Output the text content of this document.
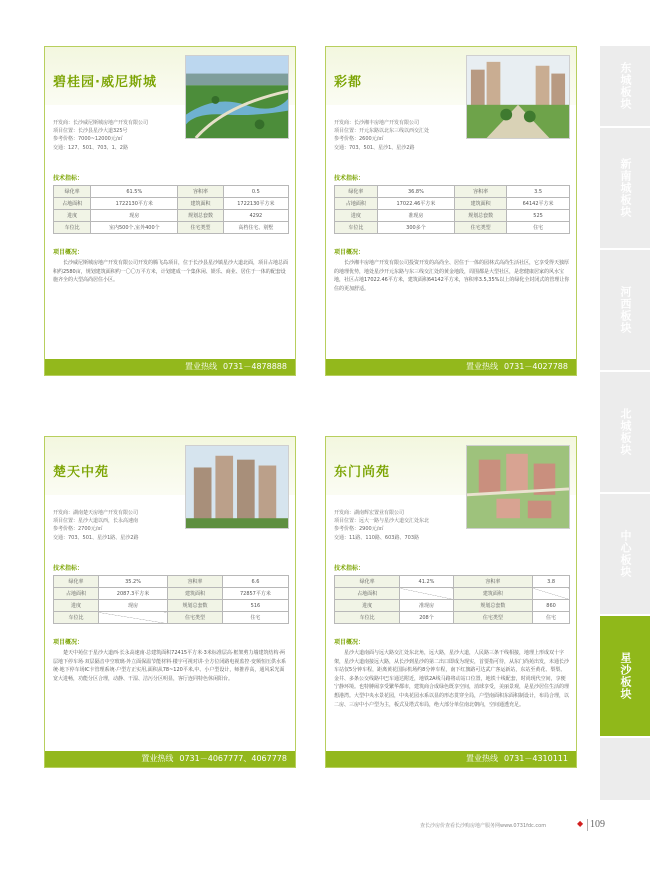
东城板块
新南城板块
河西板块
北城板块
中心板块
星沙板块
碧桂园·威尼斯城
开发商：长沙威尼斯城房地产开发有限公司
项目位置：长沙县星沙大道325号
参考价格：7000~12000元/㎡
交通：127、501、703、1、2路
技术指标：
绿化率	61.5%	容积率	0.5
占地面积	1722130平方米	建筑面积	1722130平方米
进度	现房	规划总套数	4292
车位比	室内500个,室外400个	住宅类型	高档住宅、别墅
项目概况：
长沙威尼斯城房地产开发有限公司开发的腾飞岛项目，位于长沙县星沙镇星沙大道北面，项目占地总面积约2580亩，规划建筑面积约一〇〇万平方米，计划建成一个集休闲、娱乐、商业、居住于一体的配套设施齐全的大型高尚居住小区。
置业热线 0731－4878888
彩都
开发商：长沙湘丰房地产开发有限公司
项目位置：开元东路以北东三线以西交汇处
参考价格：2600元/㎡
交通：703、501、星沙1、星沙2路
技术指标：
绿化率	36.8%	容积率	3.5
占地面积	17022.46平方米	建筑面积	64142平方米
进度	准现房	规划总套数	525
车位比	300多个	住宅类型	住宅
项目概况：
长沙湘丰房地产开发有限公司投资开发的高尚全、居住于一体的园林式高尚生活社区，它享受得天独厚的地理优势，地处星沙开元东路与东三线交汇处的黄金地段，周围都是大型社区，是您健康居家的风水宝地，社区占地17022.46平方米，建筑面积64142平方米，容积率3.5,35%以上的绿化全封闭式的管理让你住的更加舒适。
置业热线 0731－4027788
楚天中苑
开发商：湖南楚天房地产开发有限公司
项目位置：星沙大道以西，长永高速南
参考价格：2700元/㎡
交通：703、501、星沙1路、星沙2路
技术指标：
绿化率	35.2%	容积率	6.6
占地面积	2087.3平方米	建筑面积	72857平方米
进度	现房	规划总套数	516
车位比		住宅类型	住宅
项目概况：
楚天中苑位于星沙大道西·长永高速南·总建筑面积72415平方米·3米标准层高·框架剪力墙建筑结构·两层地下停车场·双层隔音中空玻璃·外立面保温节能材料·楼宇可视对讲·全方位闭路电视监控·变频恒压供水系统·地下停车场IC卡管理系统·户型方正实用,面积从78~120平米,中、小户型设计，师推荐高，通风采光面宽大进畅，功能分区合理，动静、干湿、洁污分区明显，客厅连同特色休闲阳台。
置业热线 0731－4067777、4067778
东门尚苑
开发商：湖南辉宏置业有限公司
项目位置：远大一路与星沙大道交汇处东北
参考价格：2900元/㎡
交通：11路、110路、603路、703路
技术指标：
绿化率	41.2%	容积率	3.8
占地面积		建筑面积	
进度	准现房	规划总套数	860
车位比	208个	住宅类型	住宅
项目概况：
星沙大道南面与远大路交汇处东北角，远大路，星沙大道，人民路三条干线相接，地理上形成双十字架，星沙大道南接远大路，从长沙到星沙的第二出口即成为现实，首要指可待，从东门尚苑出发，未通长沙车站仅5分钟车程，距离黄花国际机场约8分钟车程，南下红旗路可达武广客运新站，东站至黄花、梨梨、金井、多条公交线路中巴车通达附近，地铁2A线马路将动站口位置，地铁十线配套，时尚现代空间，享便宁静环境。也特膊闹享受繁华都市，建筑商合成绿色既享空间，消球享受，美丽景观，是星沙居住生活的理想港湾。大型中央水景花园，中央花园水系以显的形态贯穿全局，户型南面积东面积制设计，布局合理，以二房、三房中小户型为主，板式及塔式布局，绝大部分单位南北朝向，空间通透充足。
置业热线 0731－4310111
查长沙房价查看长沙购房地产服务网www.0731fdc.com	◆ 109
